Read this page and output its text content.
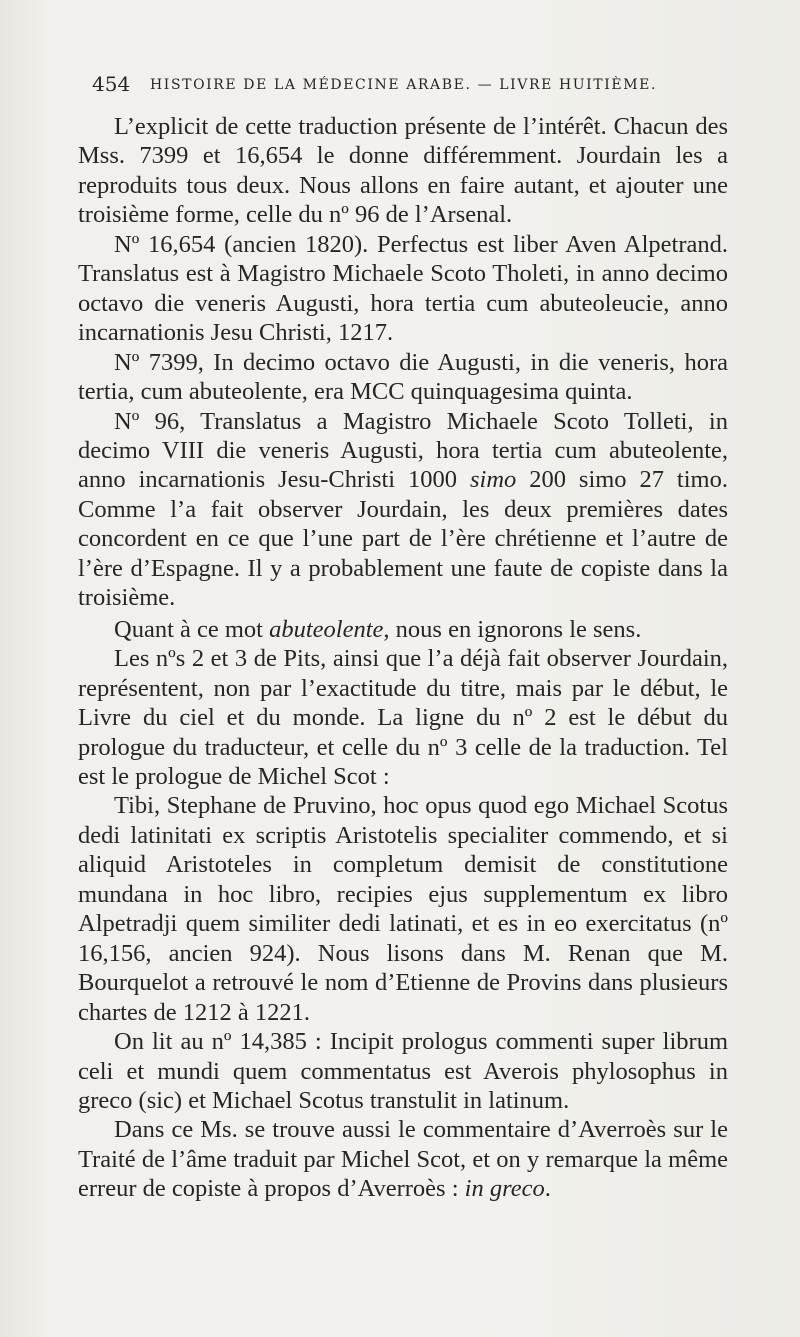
454 HISTOIRE DE LA MÉDECINE ARABE. — LIVRE HUITIÈME.

L’explicit de cette traduction présente de l’intérêt. Chacun des Mss. 7399 et 16,654 le donne différemment. Jourdain les a reproduits tous deux. Nous allons en faire autant, et ajouter une troisième forme, celle du nº 96 de l’Arsenal.

Nº 16,654 (ancien 1820). Perfectus est liber Aven Alpetrand. Translatus est à Magistro Michaele Scoto Tholeti, in anno decimo octavo die veneris Augusti, hora tertia cum abuteoleucie, anno incarnationis Jesu Christi, 1217.

Nº 7399, In decimo octavo die Augusti, in die veneris, hora tertia, cum abuteolente, era MCC quinquagesima quinta.

Nº 96, Translatus a Magistro Michaele Scoto Tolleti, in decimo VIII die veneris Augusti, hora tertia cum abuteolente, anno incarnationis Jesu-Christi 1000 simo 200 simo 27 timo. Comme l’a fait observer Jourdain, les deux premières dates concordent en ce que l’une part de l’ère chrétienne et l’autre de l’ère d’Espagne. Il y a probablement une faute de copiste dans la troisième.

Quant à ce mot abuteolente, nous en ignorons le sens.

Les nºs 2 et 3 de Pits, ainsi que l’a déjà fait observer Jourdain, représentent, non par l’exactitude du titre, mais par le début, le Livre du ciel et du monde. La ligne du nº 2 est le début du prologue du traducteur, et celle du nº 3 celle de la traduction. Tel est le prologue de Michel Scot :

Tibi, Stephane de Pruvino, hoc opus quod ego Michael Scotus dedi latinitati ex scriptis Aristotelis specialiter commendo, et si aliquid Aristoteles in completum demisit de constitutione mundana in hoc libro, recipies ejus supplementum ex libro Alpetradji quem similiter dedi latinati, et es in eo exercitatus (nº 16,156, ancien 924). Nous lisons dans M. Renan que M. Bourquelot a retrouvé le nom d’Etienne de Provins dans plusieurs chartes de 1212 à 1221.

On lit au nº 14,385 : Incipit prologus commenti super librum celi et mundi quem commentatus est Averois phylosophus in greco (sic) et Michael Scotus transtulit in latinum.

Dans ce Ms. se trouve aussi le commentaire d’Averroès sur le Traité de l’âme traduit par Michel Scot, et on y remarque la même erreur de copiste à propos d’Averroès : in greco.
